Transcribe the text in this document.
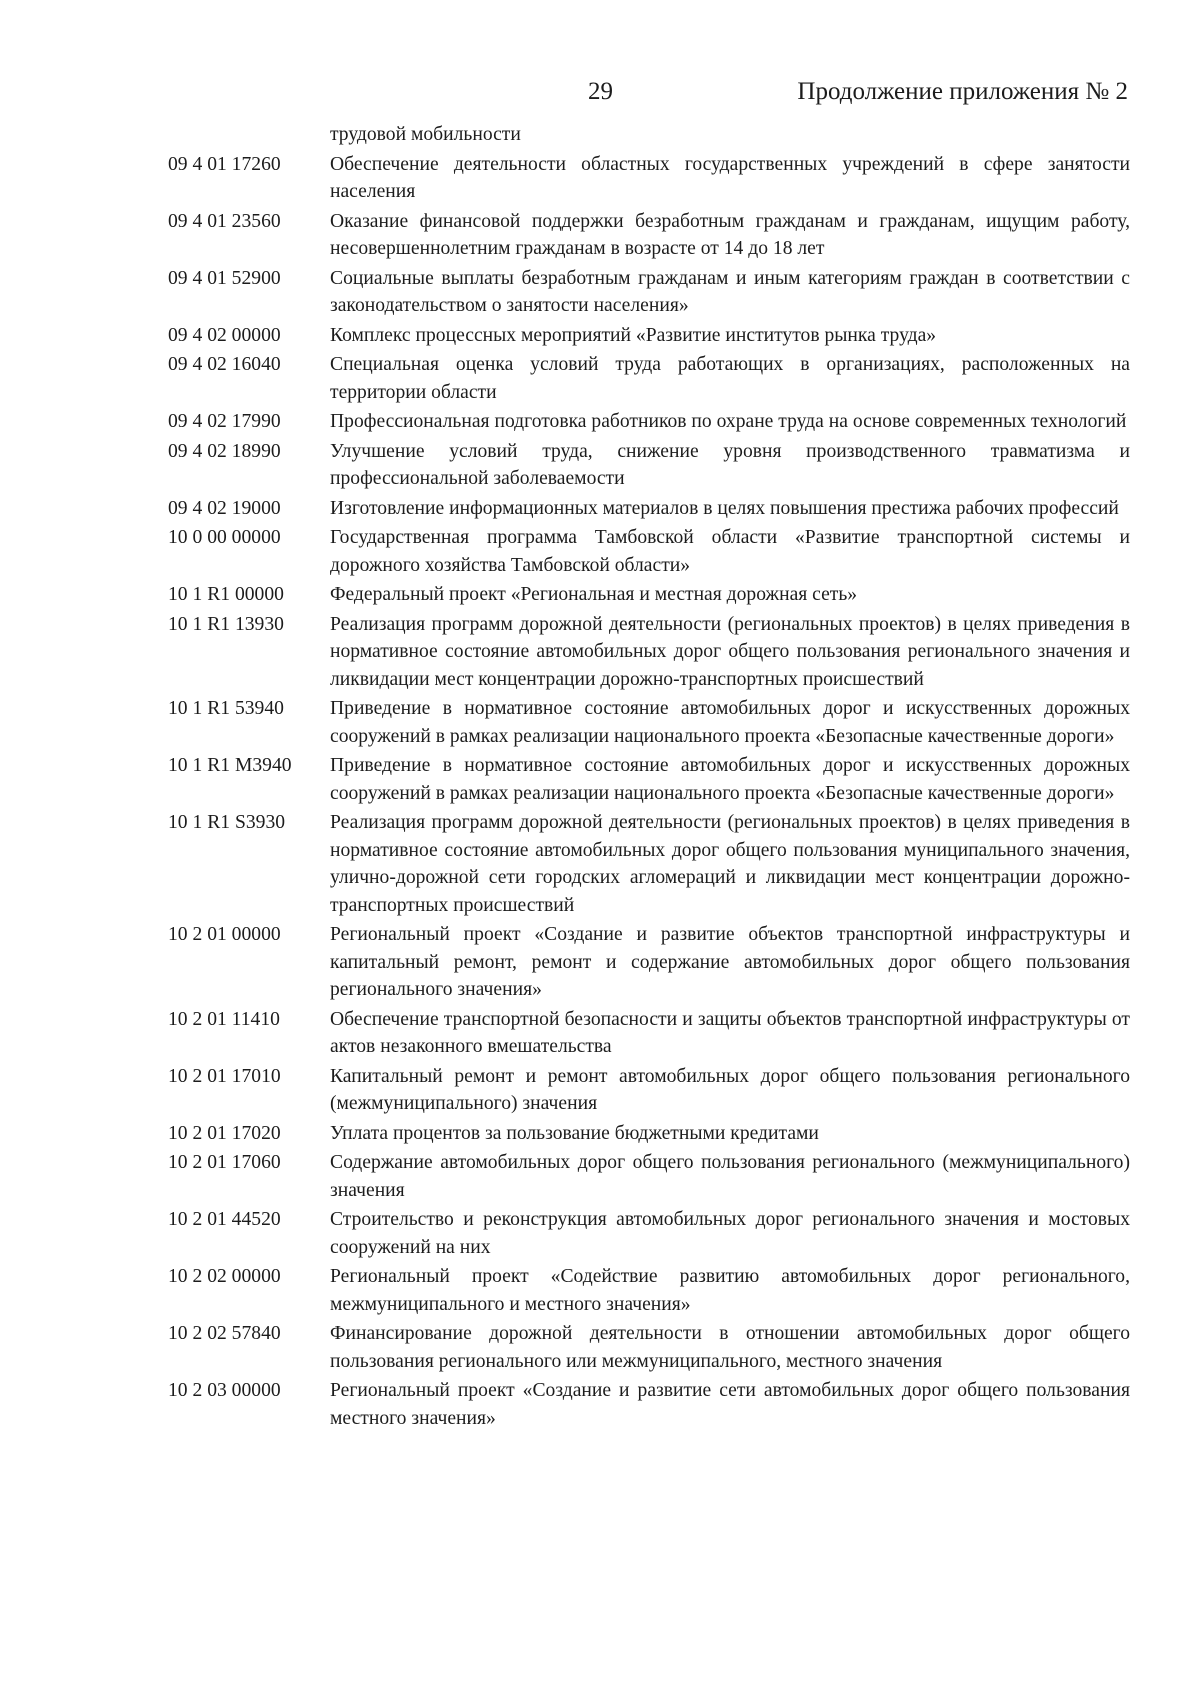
29	Продолжение приложения № 2
трудовой мобильности
09 4 01 17260	Обеспечение деятельности областных государственных учреждений в сфере занятости населения
09 4 01 23560	Оказание финансовой поддержки безработным гражданам и гражданам, ищущим работу, несовершеннолетним гражданам в возрасте от 14 до 18 лет
09 4 01 52900	Социальные выплаты безработным гражданам и иным категориям граждан в соответствии с законодательством о занятости населения»
09 4 02 00000	Комплекс процессных мероприятий «Развитие институтов рынка труда»
09 4 02 16040	Специальная оценка условий труда работающих в организациях, расположенных на территории области
09 4 02 17990	Профессиональная подготовка работников по охране труда на основе современных технологий
09 4 02 18990	Улучшение условий труда, снижение уровня производственного травматизма и профессиональной заболеваемости
09 4 02 19000	Изготовление информационных материалов в целях повышения престижа рабочих профессий
10 0 00 00000	Государственная программа Тамбовской области «Развитие транспортной системы и дорожного хозяйства Тамбовской области»
10 1 R1 00000	Федеральный проект «Региональная и местная дорожная сеть»
10 1 R1 13930	Реализация программ дорожной деятельности (региональных проектов) в целях приведения в нормативное состояние автомобильных дорог общего пользования регионального значения и ликвидации мест концентрации дорожно-транспортных происшествий
10 1 R1 53940	Приведение в нормативное состояние автомобильных дорог и искусственных дорожных сооружений в рамках реализации национального проекта «Безопасные качественные дороги»
10 1 R1 M3940	Приведение в нормативное состояние автомобильных дорог и искусственных дорожных сооружений в рамках реализации национального проекта «Безопасные качественные дороги»
10 1 R1 S3930	Реализация программ дорожной деятельности (региональных проектов) в целях приведения в нормативное состояние автомобильных дорог общего пользования муниципального значения, улично-дорожной сети городских агломераций и ликвидации мест концентрации дорожно-транспортных происшествий
10 2 01 00000	Региональный проект «Создание и развитие объектов транспортной инфраструктуры и капитальный ремонт, ремонт и содержание автомобильных дорог общего пользования регионального значения»
10 2 01 11410	Обеспечение транспортной безопасности и защиты объектов транспортной инфраструктуры от актов незаконного вмешательства
10 2 01 17010	Капитальный ремонт и ремонт автомобильных дорог общего пользования регионального (межмуниципального) значения
10 2 01 17020	Уплата процентов за пользование бюджетными кредитами
10 2 01 17060	Содержание автомобильных дорог общего пользования регионального (межмуниципального) значения
10 2 01 44520	Строительство и реконструкция автомобильных дорог регионального значения и мостовых сооружений на них
10 2 02 00000	Региональный проект «Содействие развитию автомобильных дорог регионального, межмуниципального и местного значения»
10 2 02 57840	Финансирование дорожной деятельности в отношении автомобильных дорог общего пользования регионального или межмуниципального, местного значения
10 2 03 00000	Региональный проект «Создание и развитие сети автомобильных дорог общего пользования местного значения»
